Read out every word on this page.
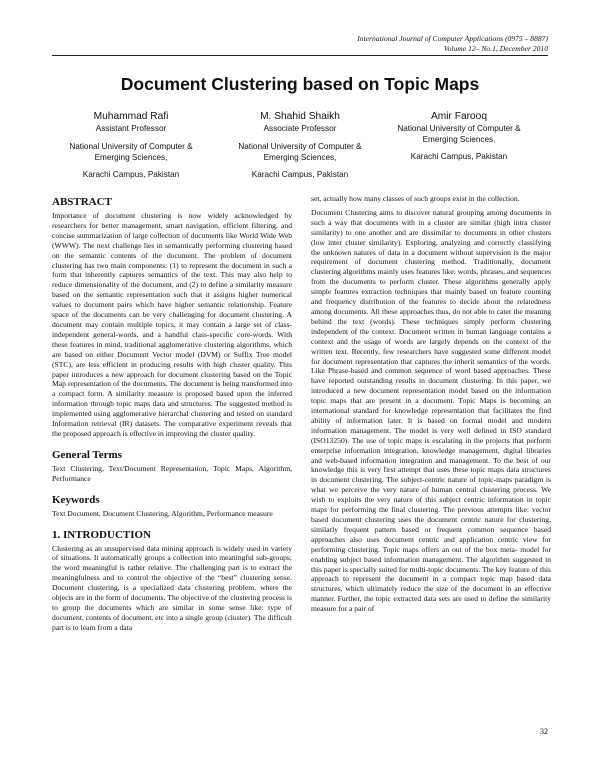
International Journal of Computer Applications (0975 – 8887)
Volume 12– No.1, December 2010
Document Clustering based on Topic Maps
Muhammad Rafi
Assistant Professor
National University of Computer &
Emerging Sciences,
Karachi Campus, Pakistan
M. Shahid Shaikh
Associate Professor
National University of Computer &
Emerging Sciences,
Karachi Campus, Pakistan
Amir Farooq
National University of Computer &
Emerging Sciences,
Karachi Campus, Pakistan
ABSTRACT

Importance of document clustering is now widely acknowledged by researchers for better management, smart navigation, efficient filtering, and concise summarization of large collection of documents like World Wide Web (WWW). The next challenge lies in semantically performing clustering based on the semantic contents of the document. The problem of document clustering has two main components: (1) to represent the document in such a form that inherently captures semantics of the text. This may also help to reduce dimensionality of the document, and (2) to define a similarity measure based on the semantic representation such that it assigns higher numerical values to document pairs which have higher semantic relationship. Feature space of the documents can be very challenging for document clustering. A document may contain multiple topics, it may contain a large set of class-independent general-words, and a handful class-specific core-words. With these features in mind, traditional agglomerative clustering algorithms, which are based on either Document Vector model (DVM) or Suffix Tree model (STC), are less efficient in producing results with high cluster quality. This paper introduces a new approach for document clustering based on the Topic Map representation of the documents. The document is being transformed into a compact form. A similarity measure is proposed based upon the inferred information through topic maps data and structures. The suggested method is implemented using agglomerative hierarchal clustering and tested on standard Information retrieval (IR) datasets. The comparative experiment reveals that the proposed approach is effective in improving the cluster quality.

General Terms

Text Clustering, Text/Document Representation, Topic Maps, Algorithm, Performance

Keywords

Text Document, Document Clustering, Algorithm, Performance measure

1. INTRODUCTION

Clustering as an unsupervised data mining approach is widely used in variety of situations. It automatically groups a collection into meaningful sub-groups; the word meaningful is rather relative. The challenging part is to extract the meaningfulness and to control the objective of the “best” clustering sense. Document clustering, is a specialized data clustering problem, where the objects are in the form of documents. The objective of the clustering process is to group the documents which are similar in some sense like: type of document, contents of document, etc into a single group (cluster). The difficult part is to learn from a data

set, actually how many classes of such groups exist in the collection.

Document Clustering aims to discover natural grouping among documents in such a way that documents with in a cluster are similar (high intra cluster similarity) to one another and are dissimilar to documents in other clusters (low inter cluster similarity). Exploring, analyzing and correctly classifying the unknown natures of data in a document without supervision is the major requirement of document clustering method. Traditionally, document clustering algorithms mainly uses features like: words, phrases, and sequences from the documents to perform cluster. These algorithms generally apply simple features extraction techniques that mainly based on feature counting and frequency distribution of the features to decide about the relatedness among documents. All these approaches thus, do not able to cater the meaning behind the text (words). These techniques simply perform clustering independent of the context. Document written in human language contains a context and the usage of words are largely depends on the context of the written text. Recently, few researchers have suggested some different model for document representation that captures the inherit semantics of the words. Like Phrase-based and common sequence of word based approaches. These have reported outstanding results in document clustering. In this paper, we introduced a new document representation model based on the information topic maps that are present in a document. Topic Maps is becoming an international standard for knowledge representation that facilitates the find ability of information later. It is based on formal model and modern information management. The model is very well defined in ISO standard (ISO13250). The use of topic maps is escalating in the projects that perform enterprise information integration, knowledge management, digital libraries and web-based information integration and management. To the best of our knowledge this is very first attempt that uses these topic maps data structures in document clustering. The subject-centric nature of topic-maps paradigm is what we perceive the very nature of human central clustering process. We wish to exploits the very nature of this subject centric information in topic maps for performing the final clustering. The previous attempts like: vector based document clustering uses the document centric nature for clustering, similarly frequent pattern based or frequent common sequence based approaches also uses document centric and application centric view for performing clustering. Topic maps offers an out of the box meta- model for enabling subject based information management. The algorithm suggested in this paper is specially suited for multi-topic documents. The key feature of this approach to represent the document in a compact topic map based data structures, which ultimately reduce the size of the document in an effective manner. Further, the topic extracted data sets are used to define the similarity measure for a pair of

32
